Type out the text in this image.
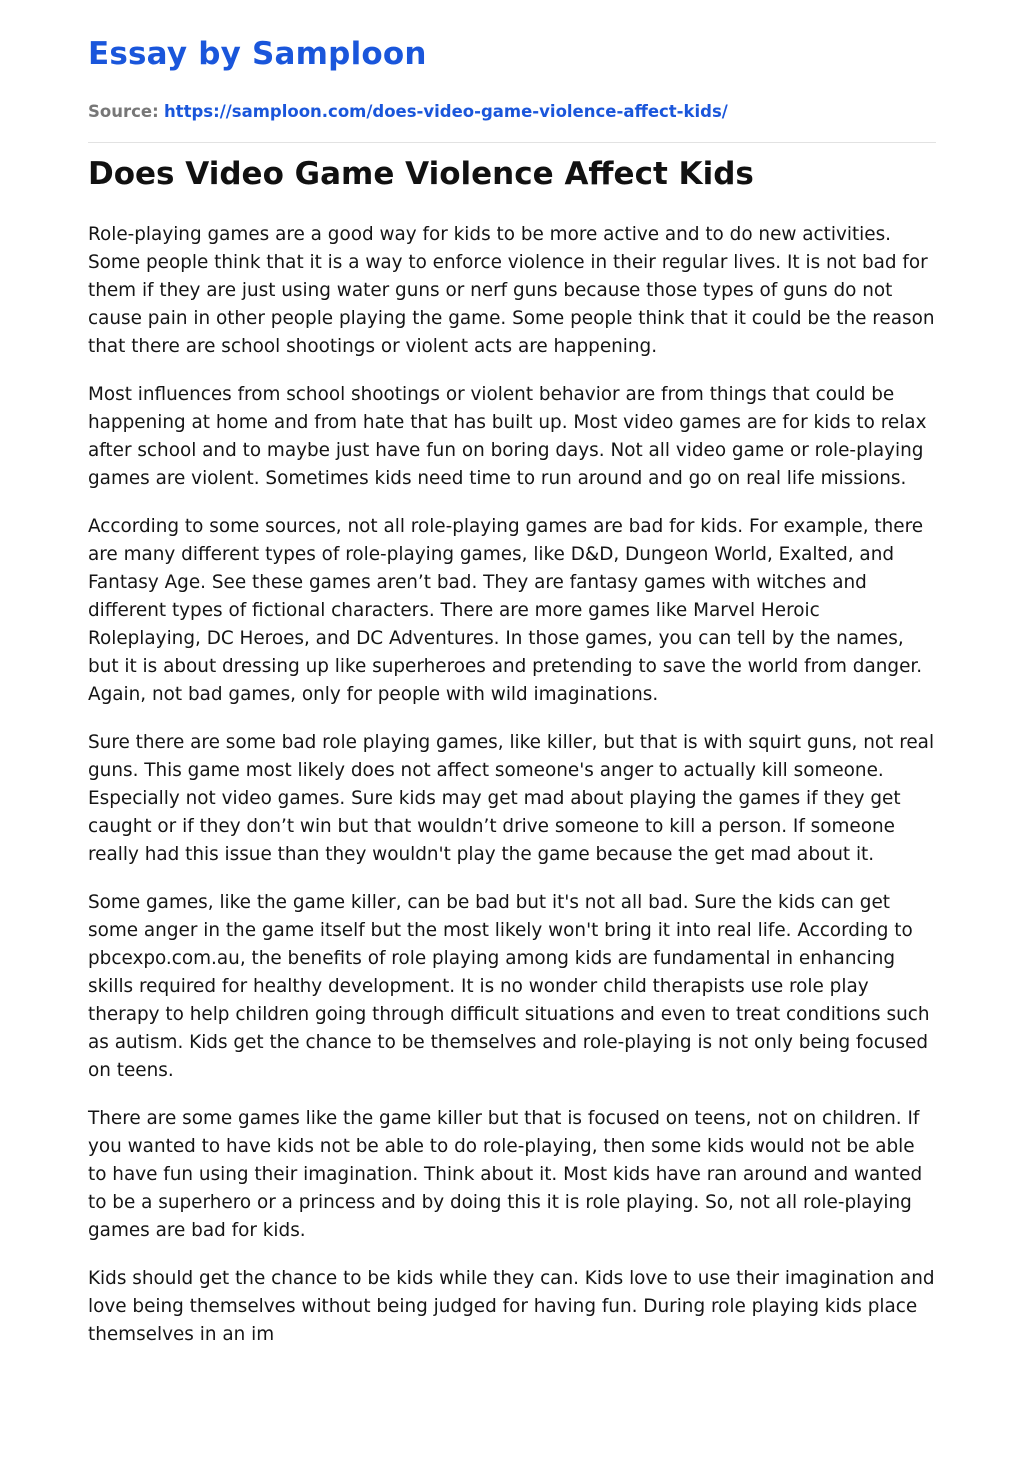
Essay by Samploon
Source: https://samploon.com/does-video-game-violence-affect-kids/
Does Video Game Violence Affect Kids

Role-playing games are a good way for kids to be more active and to do new activities. Some people think that it is a way to enforce violence in their regular lives. It is not bad for them if they are just using water guns or nerf guns because those types of guns do not cause pain in other people playing the game. Some people think that it could be the reason that there are school shootings or violent acts are happening.

Most influences from school shootings or violent behavior are from things that could be happening at home and from hate that has built up. Most video games are for kids to relax after school and to maybe just have fun on boring days. Not all video game or role-playing games are violent. Sometimes kids need time to run around and go on real life missions.

According to some sources, not all role-playing games are bad for kids. For example, there are many different types of role-playing games, like D&D, Dungeon World, Exalted, and Fantasy Age. See these games aren’t bad. They are fantasy games with witches and different types of fictional characters. There are more games like Marvel Heroic Roleplaying, DC Heroes, and DC Adventures. In those games, you can tell by the names, but it is about dressing up like superheroes and pretending to save the world from danger. Again, not bad games, only for people with wild imaginations.

Sure there are some bad role playing games, like killer, but that is with squirt guns, not real guns. This game most likely does not affect someone's anger to actually kill someone. Especially not video games. Sure kids may get mad about playing the games if they get caught or if they don’t win but that wouldn’t drive someone to kill a person. If someone really had this issue than they wouldn't play the game because the get mad about it.

Some games, like the game killer, can be bad but it's not all bad. Sure the kids can get some anger in the game itself but the most likely won't bring it into real life. According to pbcexpo.com.au, the benefits of role playing among kids are fundamental in enhancing skills required for healthy development. It is no wonder child therapists use role play therapy to help children going through difficult situations and even to treat conditions such as autism. Kids get the chance to be themselves and role-playing is not only being focused on teens.

There are some games like the game killer but that is focused on teens, not on children. If you wanted to have kids not be able to do role-playing, then some kids would not be able to have fun using their imagination. Think about it. Most kids have ran around and wanted to be a superhero or a princess and by doing this it is role playing. So, not all role-playing games are bad for kids.

Kids should get the chance to be kids while they can. Kids love to use their imagination and love being themselves without being judged for having fun. During role playing kids place themselves in an im
